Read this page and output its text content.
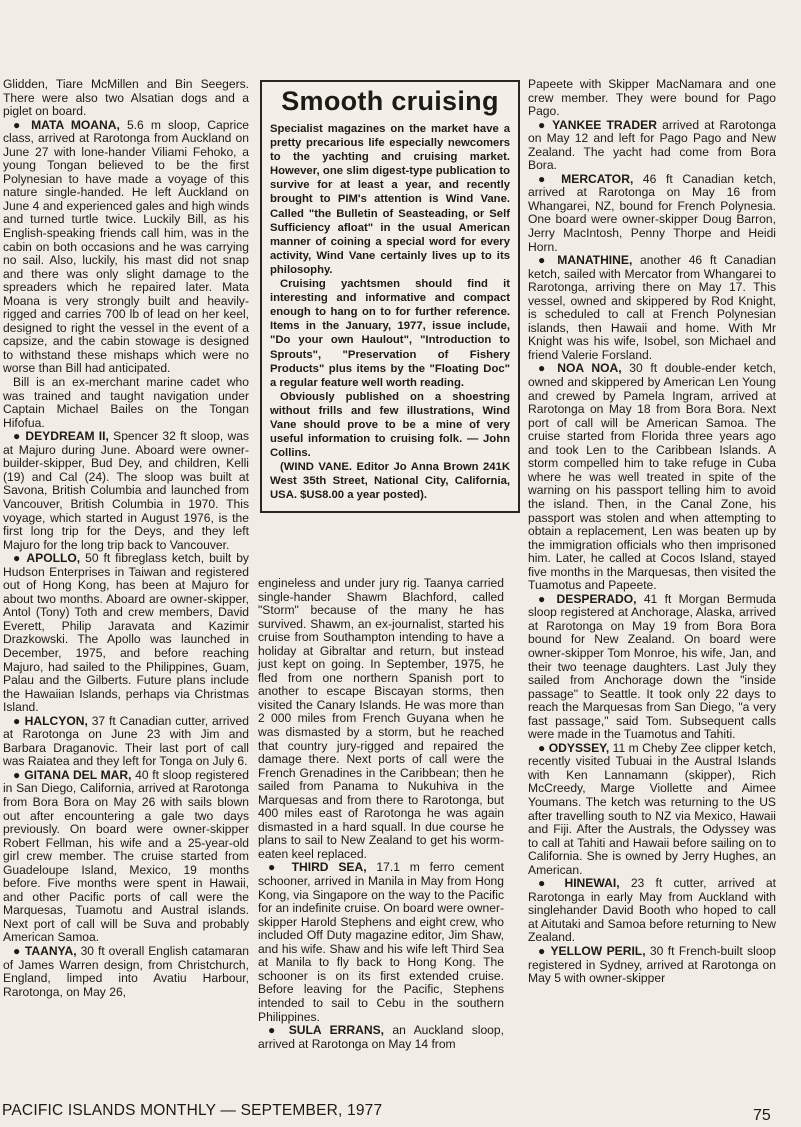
Glidden, Tiare McMillen and Bin Seegers. There were also two Alsatian dogs and a piglet on board.

● MATA MOANA, 5.6 m sloop, Caprice class, arrived at Rarotonga from Auckland on June 27 with lone-hander Viliami Fehoko, a young Tongan believed to be the first Polynesian to have made a voyage of this nature single-handed. He left Auckland on June 4 and experienced gales and high winds and turned turtle twice. Luckily Bill, as his English-speaking friends call him, was in the cabin on both occasions and he was carrying no sail. Also, luckily, his mast did not snap and there was only slight damage to the spreaders which he repaired later. Mata Moana is very strongly built and heavily-rigged and carries 700 lb of lead on her keel, designed to right the vessel in the event of a capsize, and the cabin stowage is designed to withstand these mishaps which were no worse than Bill had anticipated.

Bill is an ex-merchant marine cadet who was trained and taught navigation under Captain Michael Bailes on the Tongan Hifofua.

● DEYDREAM II, Spencer 32 ft sloop, was at Majuro during June. Aboard were owner-builder-skipper, Bud Dey, and children, Kelli (19) and Cal (24). The sloop was built at Savona, British Columbia and launched from Vancouver, British Columbia in 1970. This voyage, which started in August 1976, is the first long trip for the Deys, and they left Majuro for the long trip back to Vancouver.

● APOLLO, 50 ft fibreglass ketch, built by Hudson Enterprises in Taiwan and registered out of Hong Kong, has been at Majuro for about two months. Aboard are owner-skipper, Antol (Tony) Toth and crew members, David Everett, Philip Jaravata and Kazimir Drazkowski. The Apollo was launched in December, 1975, and before reaching Majuro, had sailed to the Philippines, Guam, Palau and the Gilberts. Future plans include the Hawaiian Islands, perhaps via Christmas Island.

● HALCYON, 37 ft Canadian cutter, arrived at Rarotonga on June 23 with Jim and Barbara Draganovic. Their last port of call was Raiatea and they left for Tonga on July 6.

● GITANA DEL MAR, 40 ft sloop registered in San Diego, California, arrived at Rarotonga from Bora Bora on May 26 with sails blown out after encountering a gale two days previously. On board were owner-skipper Robert Fellman, his wife and a 25-year-old girl crew member. The cruise started from Guadeloupe Island, Mexico, 19 months before. Five months were spent in Hawaii, and other Pacific ports of call were the Marquesas, Tuamotu and Austral islands. Next port of call will be Suva and probably American Samoa.

● TAANYA, 30 ft overall English catamaran of James Warren design, from Christchurch, England, limped into Avatiu Harbour, Rarotonga, on May 26,

Smooth cruising

Specialist magazines on the market have a pretty precarious life especially newcomers to the yachting and cruising market. However, one slim digest-type publication to survive for at least a year, and recently brought to PIM's attention is Wind Vane. Called "the Bulletin of Seasteading, or Self Sufficiency afloat" in the usual American manner of coining a special word for every activity, Wind Vane certainly lives up to its philosophy.

Cruising yachtsmen should find it interesting and informative and compact enough to hang on to for further reference. Items in the January, 1977, issue include, "Do your own Haulout", "Introduction to Sprouts", "Preservation of Fishery Products" plus items by the "Floating Doc" a regular feature well worth reading.

Obviously published on a shoestring without frills and few illustrations, Wind Vane should prove to be a mine of very useful information to cruising folk. — John Collins.

(WIND VANE. Editor Jo Anna Brown 241K West 35th Street, National City, California, USA. $US8.00 a year posted).

engineless and under jury rig. Taanya carried single-hander Shawm Blachford, called "Storm" because of the many he has survived. Shawm, an ex-journalist, started his cruise from Southampton intending to have a holiday at Gibraltar and return, but instead just kept on going. In September, 1975, he fled from one northern Spanish port to another to escape Biscayan storms, then visited the Canary Islands. He was more than 2 000 miles from French Guyana when he was dismasted by a storm, but he reached that country jury-rigged and repaired the damage there. Next ports of call were the French Grenadines in the Caribbean; then he sailed from Panama to Nukuhiva in the Marquesas and from there to Rarotonga, but 400 miles east of Rarotonga he was again dismasted in a hard squall. In due course he plans to sail to New Zealand to get his worm-eaten keel replaced.

● THIRD SEA, 17.1 m ferro cement schooner, arrived in Manila in May from Hong Kong, via Singapore on the way to the Pacific for an indefinite cruise. On board were owner-skipper Harold Stephens and eight crew, who included Off Duty magazine editor, Jim Shaw, and his wife. Shaw and his wife left Third Sea at Manila to fly back to Hong Kong. The schooner is on its first extended cruise. Before leaving for the Pacific, Stephens intended to sail to Cebu in the southern Philippines.

● SULA ERRANS, an Auckland sloop, arrived at Rarotonga on May 14 from

Papeete with Skipper MacNamara and one crew member. They were bound for Pago Pago.

● YANKEE TRADER arrived at Rarotonga on May 12 and left for Pago Pago and New Zealand. The yacht had come from Bora Bora.

● MERCATOR, 46 ft Canadian ketch, arrived at Rarotonga on May 16 from Whangarei, NZ, bound for French Polynesia. One board were owner-skipper Doug Barron, Jerry MacIntosh, Penny Thorpe and Heidi Horn.

● MANATHINE, another 46 ft Canadian ketch, sailed with Mercator from Whangarei to Rarotonga, arriving there on May 17. This vessel, owned and skippered by Rod Knight, is scheduled to call at French Polynesian islands, then Hawaii and home. With Mr Knight was his wife, Isobel, son Michael and friend Valerie Forsland.

● NOA NOA, 30 ft double-ender ketch, owned and skippered by American Len Young and crewed by Pamela Ingram, arrived at Rarotonga on May 18 from Bora Bora. Next port of call will be American Samoa. The cruise started from Florida three years ago and took Len to the Caribbean Islands. A storm compelled him to take refuge in Cuba where he was well treated in spite of the warning on his passport telling him to avoid the island. Then, in the Canal Zone, his passport was stolen and when attempting to obtain a replacement, Len was beaten up by the immigration officials who then imprisoned him. Later, he called at Cocos Island, stayed five months in the Marquesas, then visited the Tuamotus and Papeete.

● DESPERADO, 41 ft Morgan Bermuda sloop registered at Anchorage, Alaska, arrived at Rarotonga on May 19 from Bora Bora bound for New Zealand. On board were owner-skipper Tom Monroe, his wife, Jan, and their two teenage daughters. Last July they sailed from Anchorage down the "inside passage" to Seattle. It took only 22 days to reach the Marquesas from San Diego, "a very fast passage," said Tom. Subsequent calls were made in the Tuamotus and Tahiti.

● ODYSSEY, 11 m Cheby Zee clipper ketch, recently visited Tubuai in the Austral Islands with Ken Lannamann (skipper), Rich McCreedy, Marge Viollette and Aimee Youmans. The ketch was returning to the US after travelling south to NZ via Mexico, Hawaii and Fiji. After the Australs, the Odyssey was to call at Tahiti and Hawaii before sailing on to California. She is owned by Jerry Hughes, an American.

● HINEWAI, 23 ft cutter, arrived at Rarotonga in early May from Auckland with singlehander David Booth who hoped to call at Aitutaki and Samoa before returning to New Zealand.

● YELLOW PERIL, 30 ft French-built sloop registered in Sydney, arrived at Rarotonga on May 5 with owner-skipper

PACIFIC ISLANDS MONTHLY — SEPTEMBER, 1977	75
